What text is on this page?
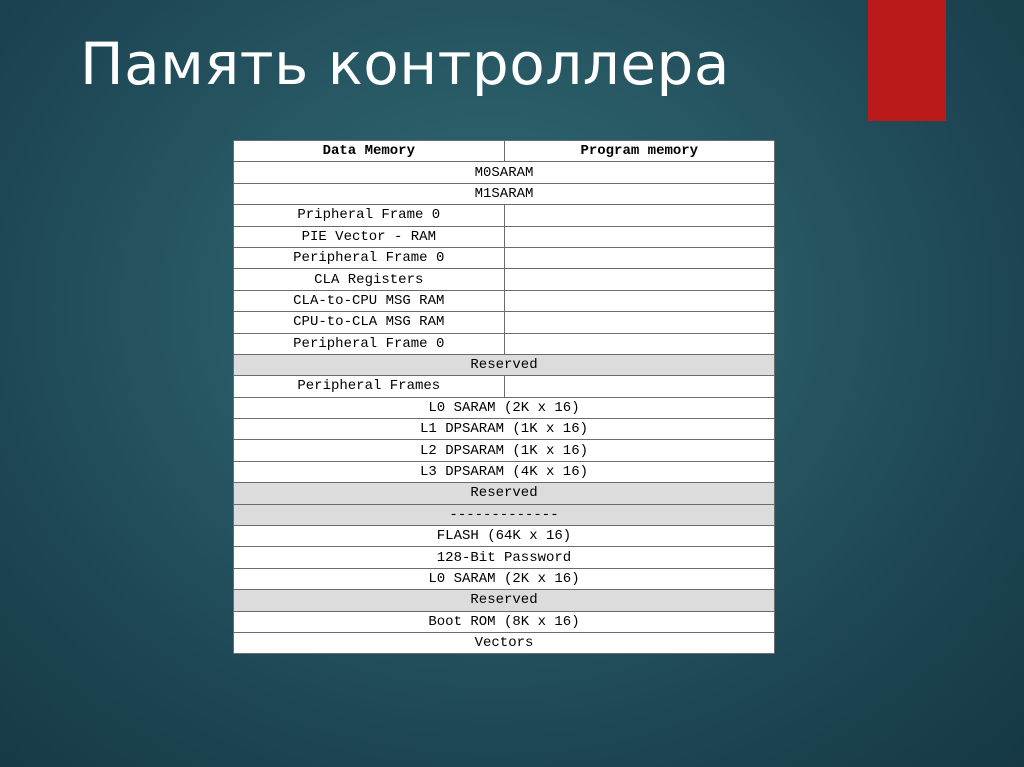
Память контроллера
Data Memory	Program memory
M0SARAM	
M1SARAM	
Pripheral Frame 0	
PIE Vector - RAM	
Peripheral Frame 0	
CLA Registers	
CLA-to-CPU MSG RAM	
CPU-to-CLA MSG RAM	
Peripheral Frame 0	
Reserved	
Peripheral Frames	
L0 SARAM (2K x 16)	
L1 DPSARAM (1K x 16)	
L2 DPSARAM (1K x 16)	
L3 DPSARAM (4K x 16)	
Reserved	
-------------	
FLASH (64K x 16)	
128-Bit Password	
L0 SARAM (2K x 16)	
Reserved	
Boot ROM (8K x 16)	
Vectors	
